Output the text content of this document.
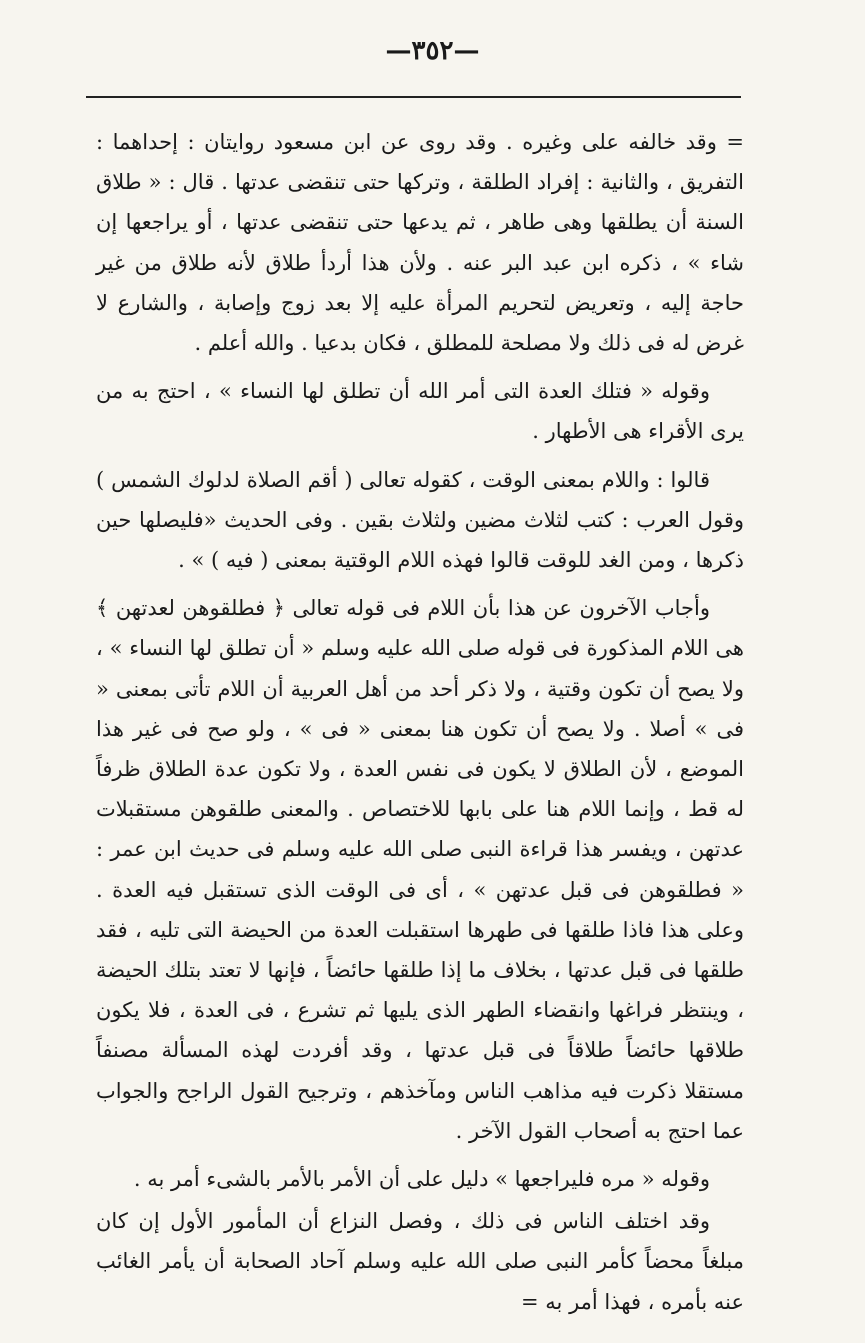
—٣٥٢—

= وقد خالفه على وغيره . وقد روى عن ابن مسعود روايتان : إحداهما : التفريق ، والثانية : إفراد الطلقة ، وتركها حتى تنقضى عدتها . قال : « طلاق السنة أن يطلقها وهى طاهر ، ثم يدعها حتى تنقضى عدتها ، أو يراجعها إن شاء » ، ذكره ابن عبد البر عنه . ولأن هذا أردأ طلاق لأنه طلاق من غير حاجة إليه ، وتعريض لتحريم المرأة عليه إلا بعد زوج وإصابة ، والشارع لا غرض له فى ذلك ولا مصلحة للمطلق ، فكان بدعيا . والله أعلم .

وقوله « فتلك العدة التى أمر الله أن تطلق لها النساء » ، احتج به من يرى الأقراء هى الأطهار .

قالوا : واللام بمعنى الوقت ، كقوله تعالى ( أقم الصلاة لدلوك الشمس ) وقول العرب : كتب لثلاث مضين ولثلاث بقين . وفى الحديث «فليصلها حين ذكرها ، ومن الغد للوقت قالوا فهذه اللام الوقتية بمعنى ( فيه ) » .

وأجاب الآخرون عن هذا بأن اللام فى قوله تعالى ﴿ فطلقوهن لعدتهن ﴾ هى اللام المذكورة فى قوله صلى الله عليه وسلم « أن تطلق لها النساء » ، ولا يصح أن تكون وقتية ، ولا ذكر أحد من أهل العربية أن اللام تأتى بمعنى « فى » أصلا . ولا يصح أن تكون هنا بمعنى « فى » ، ولو صح فى غير هذا الموضع ، لأن الطلاق لا يكون فى نفس العدة ، ولا تكون عدة الطلاق ظرفاً له قط ، وإنما اللام هنا على بابها للاختصاص . والمعنى طلقوهن مستقبلات عدتهن ، ويفسر هذا قراءة النبى صلى الله عليه وسلم فى حديث ابن عمر : « فطلقوهن فى قبل عدتهن » ، أى فى الوقت الذى تستقبل فيه العدة . وعلى هذا فاذا طلقها فى طهرها استقبلت العدة من الحيضة التى تليه ، فقد طلقها فى قبل عدتها ، بخلاف ما إذا طلقها حائضاً ، فإنها لا تعتد بتلك الحيضة ، وينتظر فراغها وانقضاء الطهر الذى يليها ثم تشرع ، فى العدة ، فلا يكون طلاقها حائضاً طلاقاً فى قبل عدتها ، وقد أفردت لهذه المسألة مصنفاً مستقلا ذكرت فيه مذاهب الناس ومآخذهم ، وترجيح القول الراجح والجواب عما احتج به أصحاب القول الآخر .

وقوله « مره فليراجعها » دليل على أن الأمر بالأمر بالشىء أمر به .

وقد اختلف الناس فى ذلك ، وفصل النزاع أن المأمور الأول إن كان مبلغاً محضاً كأمر النبى صلى الله عليه وسلم آحاد الصحابة أن يأمر الغائب عنه بأمره ، فهذا أمر به =
